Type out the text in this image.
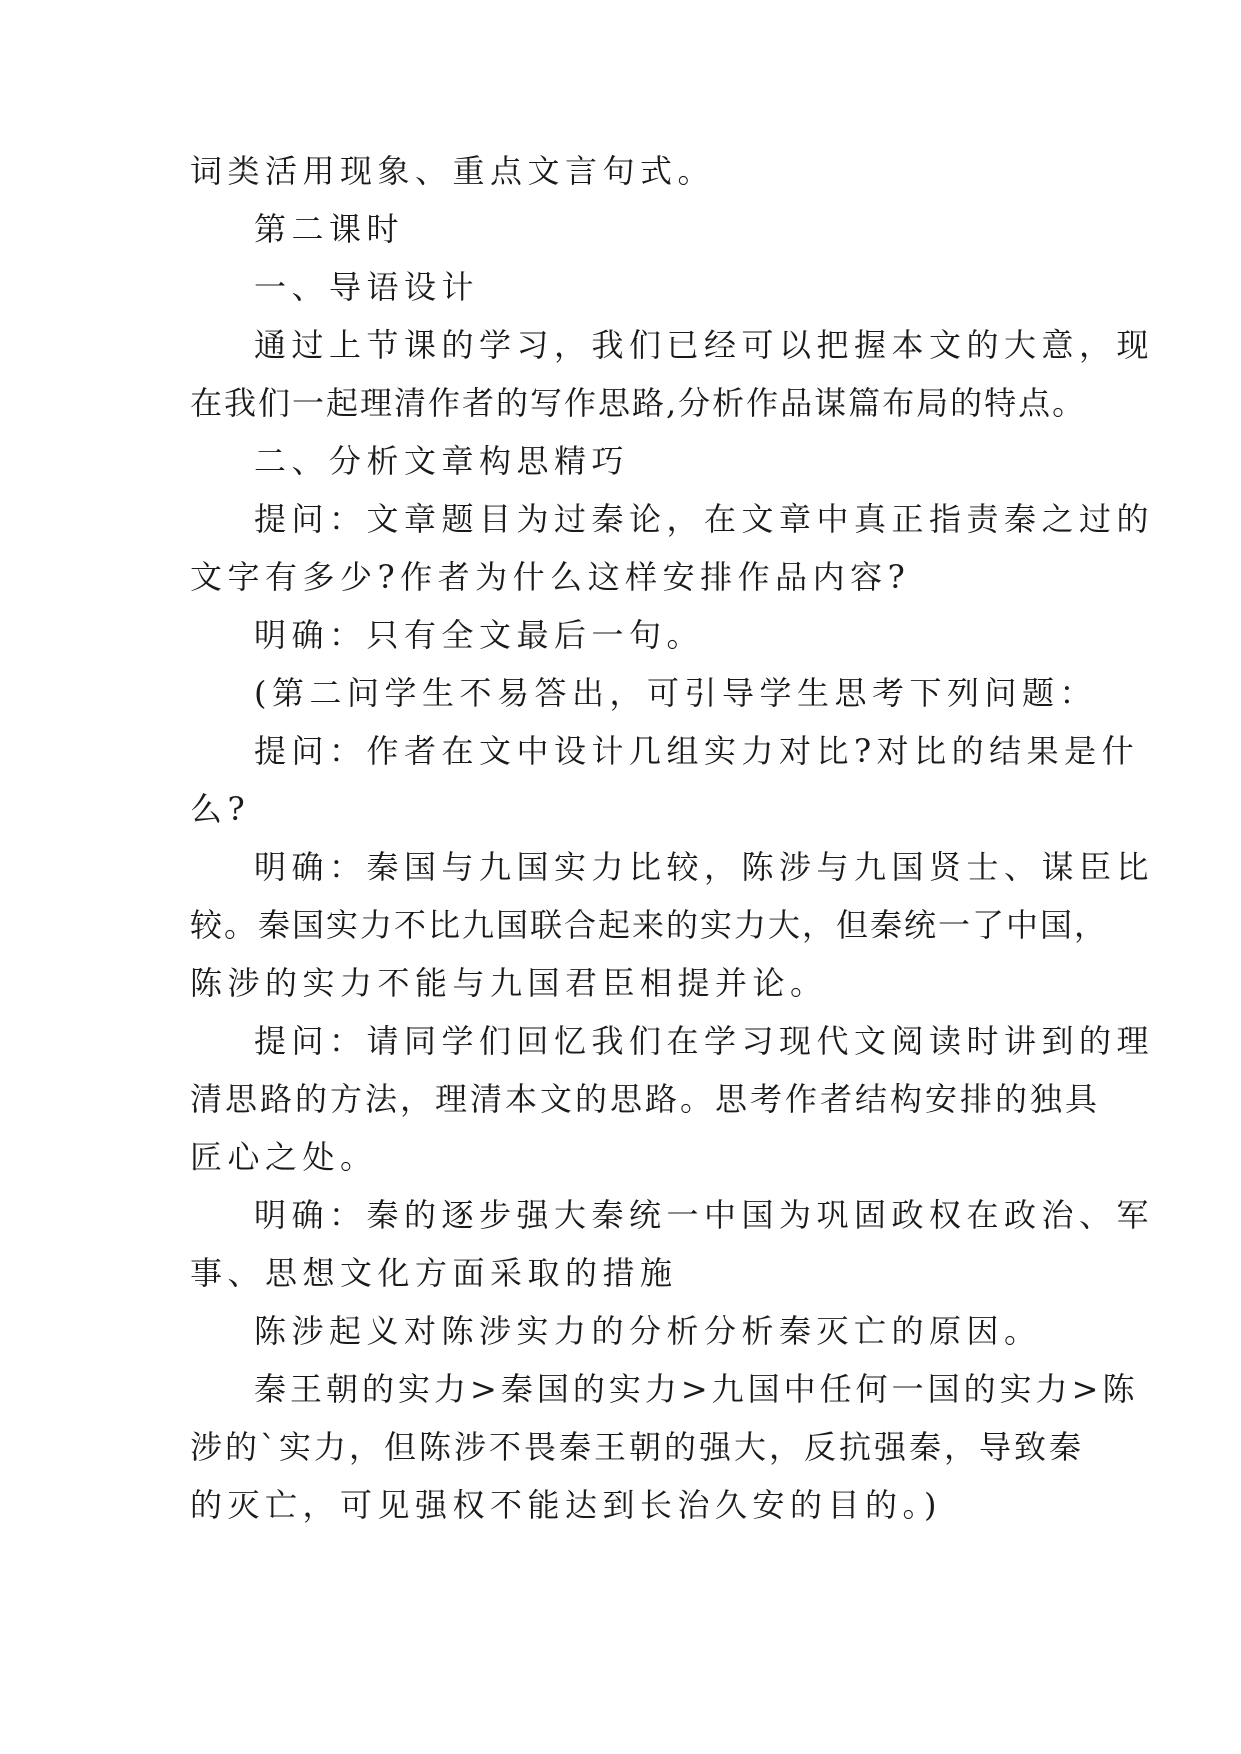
词类活用现象、重点文言句式。
第二课时
一、导语设计
通过上节课的学习，我们已经可以把握本文的大意，现
在我们一起理清作者的写作思路,分析作品谋篇布局的特点。
二、分析文章构思精巧
提问：文章题目为过秦论，在文章中真正指责秦之过的
文字有多少?作者为什么这样安排作品内容?
明确：只有全文最后一句。
(第二问学生不易答出，可引导学生思考下列问题：
提问：作者在文中设计几组实力对比?对比的结果是什
么?
明确：秦国与九国实力比较，陈涉与九国贤士、谋臣比
较。秦国实力不比九国联合起来的实力大，但秦统一了中国，
陈涉的实力不能与九国君臣相提并论。
提问：请同学们回忆我们在学习现代文阅读时讲到的理
清思路的方法，理清本文的思路。思考作者结构安排的独具
匠心之处。
明确：秦的逐步强大秦统一中国为巩固政权在政治、军
事、思想文化方面采取的措施
陈涉起义对陈涉实力的分析分析秦灭亡的原因。
秦王朝的实力>秦国的实力>九国中任何一国的实力>陈
涉的`实力，但陈涉不畏秦王朝的强大，反抗强秦，导致秦
的灭亡，可见强权不能达到长治久安的目的。)
